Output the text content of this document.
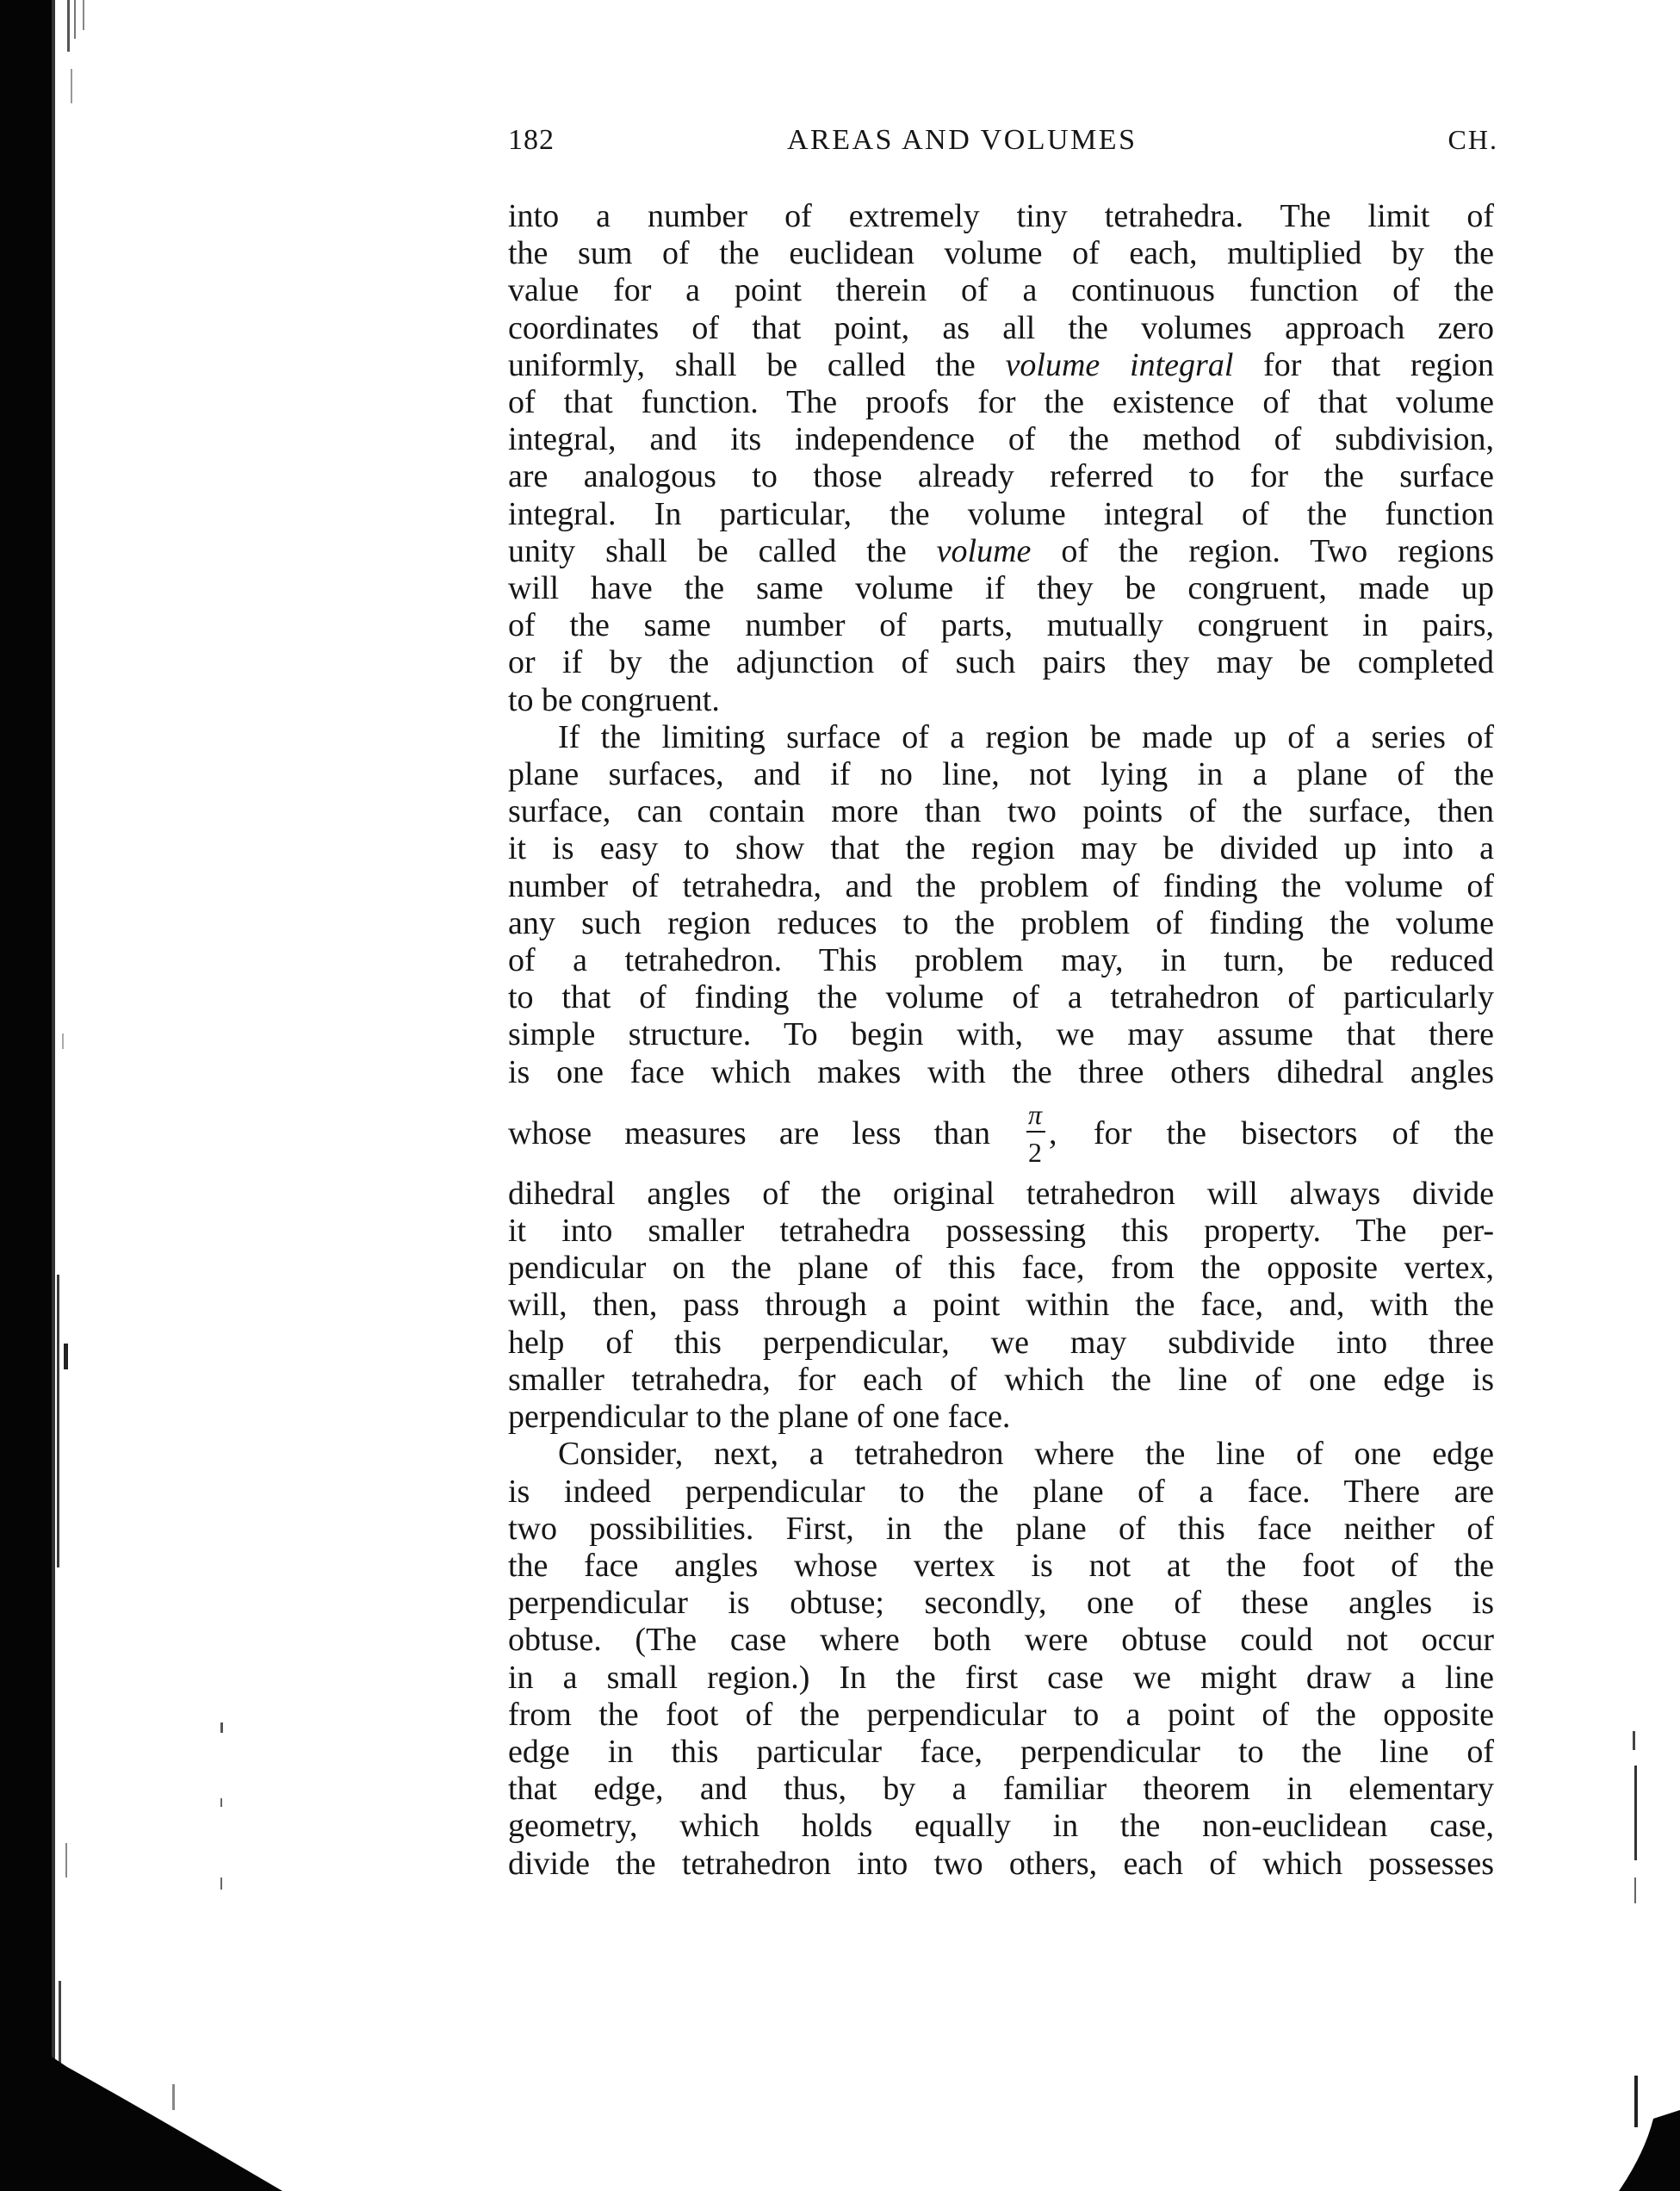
182	AREAS AND VOLUMES	CH.

into a number of extremely tiny tetrahedra. The limit of

the sum of the euclidean volume of each, multiplied by the

value for a point therein of a continuous function of the

coordinates of that point, as all the volumes approach zero

uniformly, shall be called the volume integral for that region

of that function. The proofs for the existence of that volume

integral, and its independence of the method of subdivision,

are analogous to those already referred to for the surface

integral. In particular, the volume integral of the function

unity shall be called the volume of the region. Two regions

will have the same volume if they be congruent, made up

of the same number of parts, mutually congruent in pairs,

or if by the adjunction of such pairs they may be completed

to be congruent.

If the limiting surface of a region be made up of a series of

plane surfaces, and if no line, not lying in a plane of the

surface, can contain more than two points of the surface, then

it is easy to show that the region may be divided up into a

number of tetrahedra, and the problem of finding the volume of

any such region reduces to the problem of finding the volume

of a tetrahedron. This problem may, in turn, be reduced

to that of finding the volume of a tetrahedron of particularly

simple structure. To begin with, we may assume that there

is one face which makes with the three others dihedral angles

whose measures are less than
π
2
, for the bisectors of the

dihedral angles of the original tetrahedron will always divide

it into smaller tetrahedra possessing this property. The per-

pendicular on the plane of this face, from the opposite vertex,

will, then, pass through a point within the face, and, with the

help of this perpendicular, we may subdivide into three

smaller tetrahedra, for each of which the line of one edge is

perpendicular to the plane of one face.

Consider, next, a tetrahedron where the line of one edge

is indeed perpendicular to the plane of a face. There are

two possibilities. First, in the plane of this face neither of

the face angles whose vertex is not at the foot of the

perpendicular is obtuse; secondly, one of these angles is

obtuse. (The case where both were obtuse could not occur

in a small region.) In the first case we might draw a line

from the foot of the perpendicular to a point of the opposite

edge in this particular face, perpendicular to the line of

that edge, and thus, by a familiar theorem in elementary

geometry, which holds equally in the non-euclidean case,

divide the tetrahedron into two others, each of which possesses
